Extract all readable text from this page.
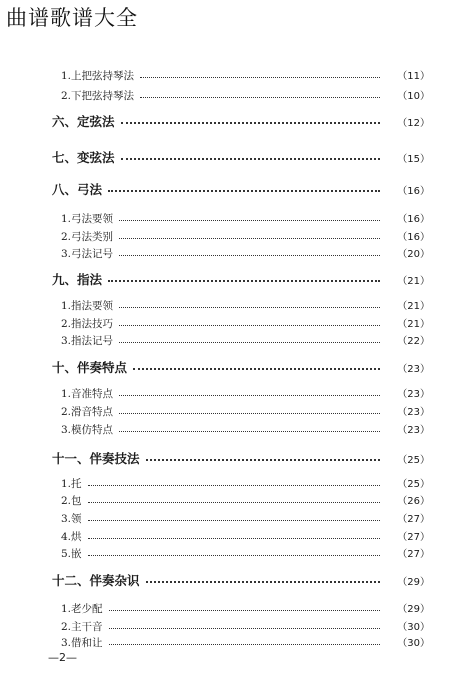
曲谱歌谱大全
1.上把弦持琴法	（11）
2.下把弦持琴法	（10）
六、定弦法	（12）
七、变弦法	（15）
八、弓法	（16）
1.弓法要领	（16）
2.弓法类别	（16）
3.弓法记号	（20）
九、指法	（21）
1.指法要领	（21）
2.指法技巧	（21）
3.指法记号	（22）
十、伴奏特点	（23）
1.音准特点	（23）
2.滑音特点	（23）
3.模仿特点	（23）
十一、伴奏技法	（25）
1.托	（25）
2.包	（26）
3.领	（27）
4.烘	（27）
5.嵌	（27）
十二、伴奏杂识	（29）
1.老少配	（29）
2.主干音	（30）
3.借和让	（30）
—2—
